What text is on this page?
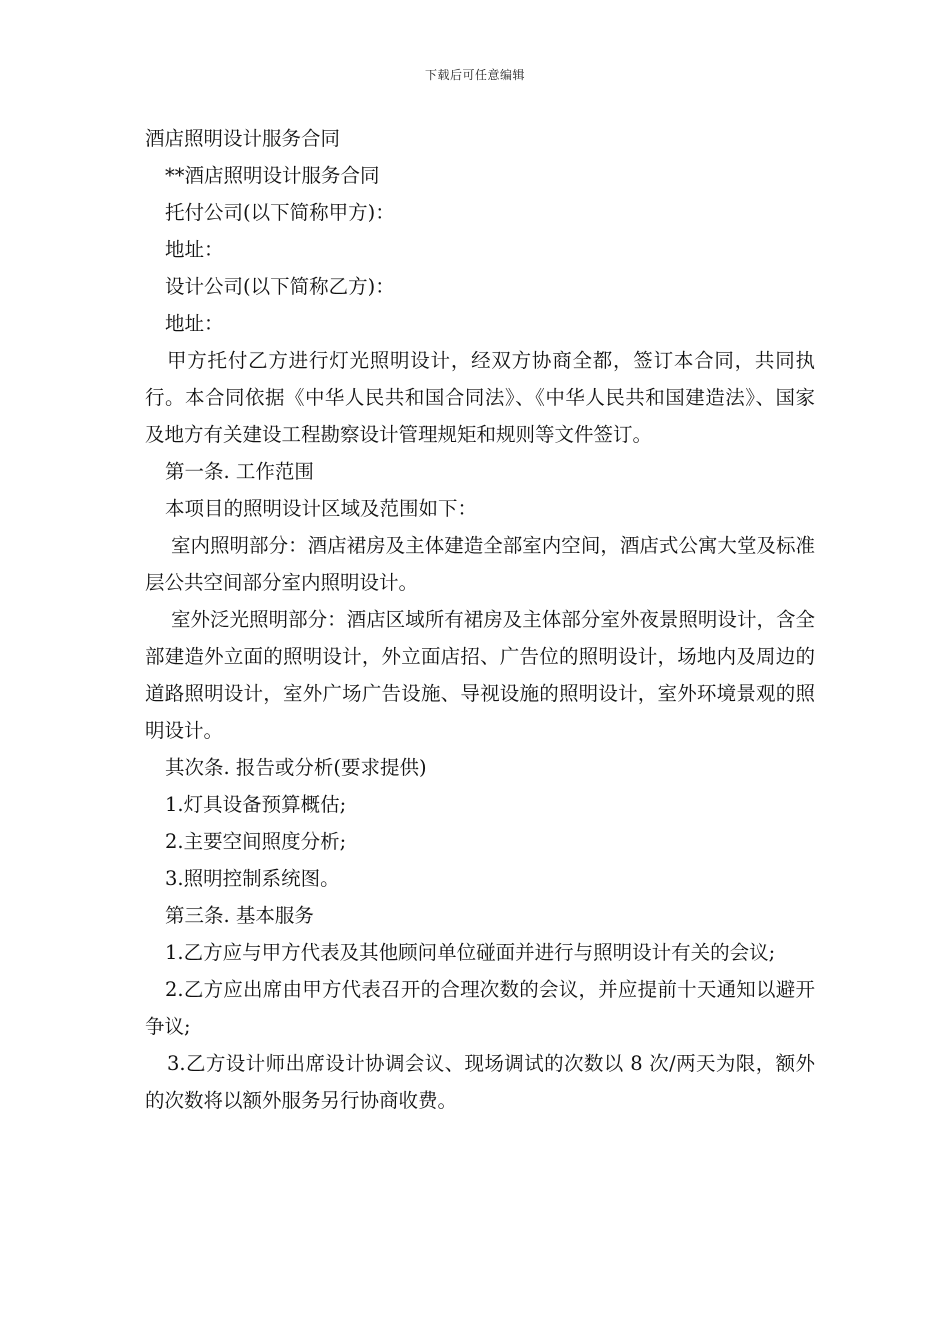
下载后可任意编辑

酒店照明设计服务合同

**酒店照明设计服务合同

托付公司(以下简称甲方)：

地址：

设计公司(以下简称乙方)：

地址：

甲方托付乙方进行灯光照明设计，经双方协商全都，签订本合同，共同执行。本合同依据《中华人民共和国合同法》、《中华人民共和国建造法》、国家及地方有关建设工程勘察设计管理规矩和规则等文件签订。

第一条. 工作范围

本项目的照明设计区域及范围如下：

室内照明部分：酒店裙房及主体建造全部室内空间，酒店式公寓大堂及标准层公共空间部分室内照明设计。

室外泛光照明部分：酒店区域所有裙房及主体部分室外夜景照明设计，含全部建造外立面的照明设计，外立面店招、广告位的照明设计，场地内及周边的道路照明设计，室外广场广告设施、导视设施的照明设计，室外环境景观的照明设计。

其次条. 报告或分析(要求提供)

1.灯具设备预算概估;

2.主要空间照度分析;

3.照明控制系统图。

第三条. 基本服务

1.乙方应与甲方代表及其他顾问单位碰面并进行与照明设计有关的会议;

2.乙方应出席由甲方代表召开的合理次数的会议，并应提前十天通知以避开争议;

3.乙方设计师出席设计协调会议、现场调试的次数以 8 次/两天为限，额外的次数将以额外服务另行协商收费。
